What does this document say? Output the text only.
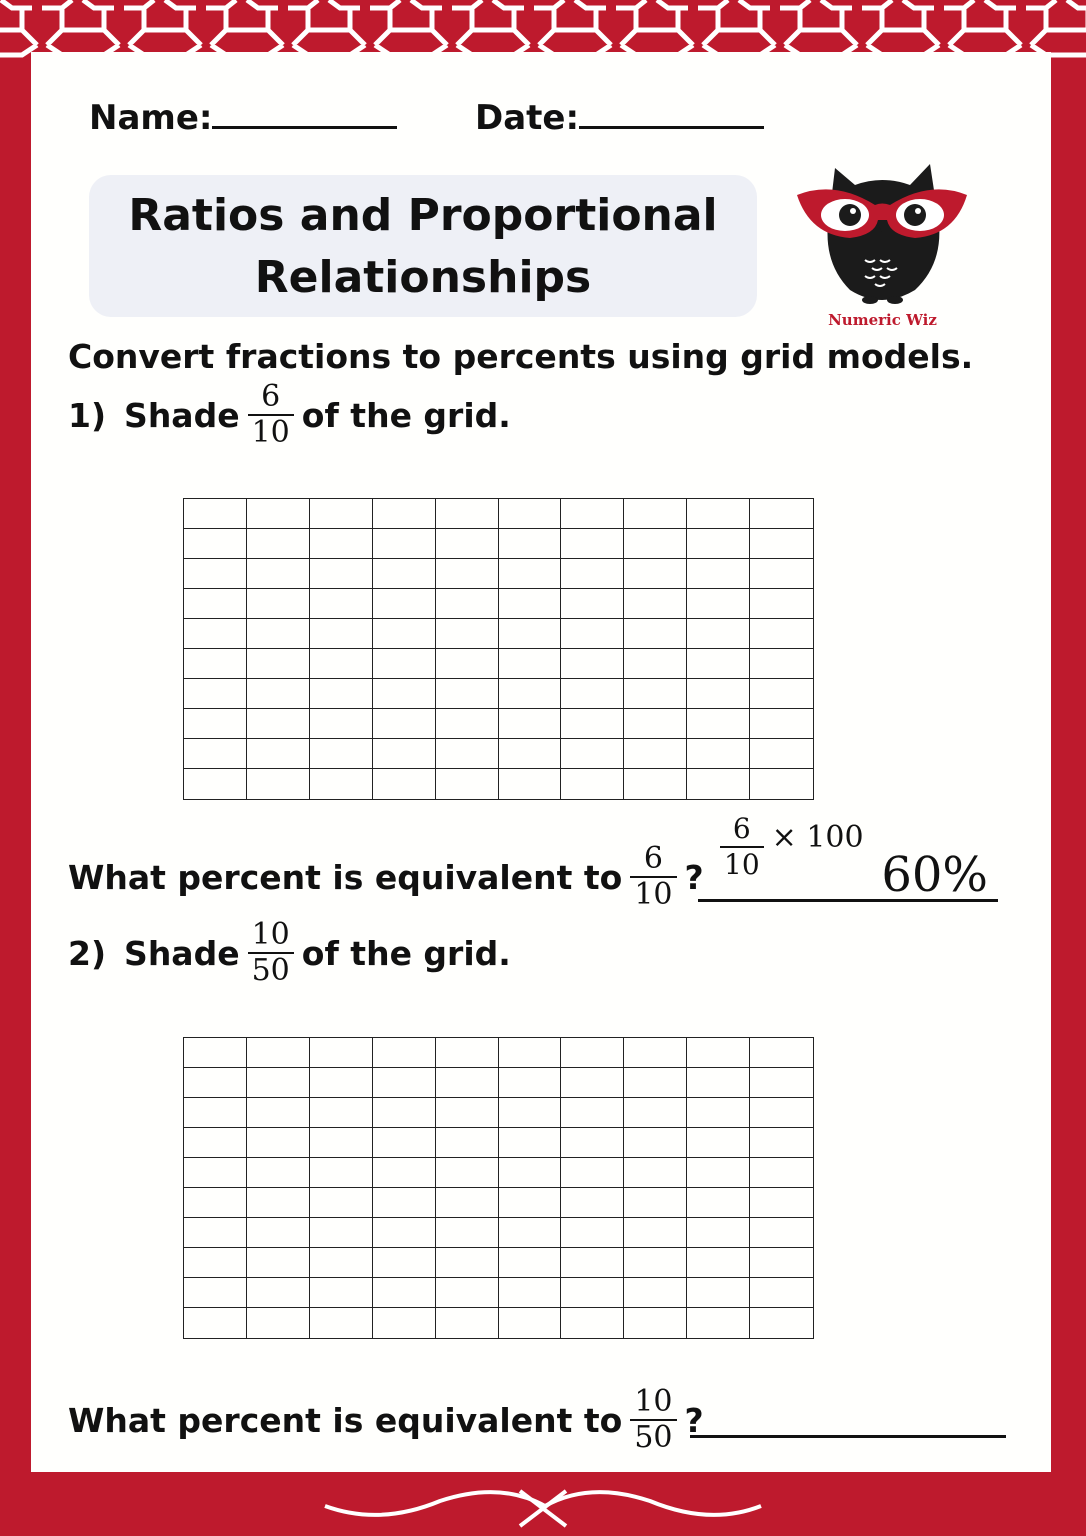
Name:	Date:
Ratios and Proportional
Relationships
Numeric Wiz
Convert fractions to percents using grid models.
1) Shade $\frac{6}{10}$ of the grid.
What percent is equivalent to $\frac{6}{10}$ ? $\frac{6}{10} \times 100$
60%
2) Shade $\frac{10}{50}$ of the grid.
What percent is equivalent to $\frac{10}{50}$ ?
